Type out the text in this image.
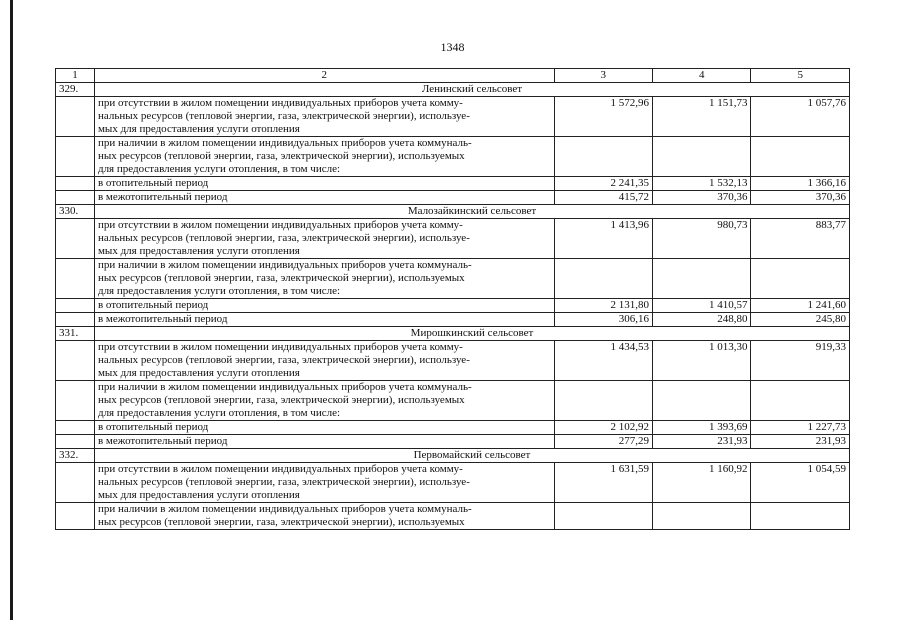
1348
1	2	3	4	5
329.	Ленинский сельсовет			
	при отсутствии в жилом помещении индивидуальных приборов учета комму-
нальных ресурсов (тепловой энергии, газа, электрической энергии), используе-
мых для предоставления услуги отопления	1 572,96	1 151,73	1 057,76
	при наличии в жилом помещении индивидуальных приборов учета коммуналь-
ных ресурсов (тепловой энергии, газа, электрической энергии), используемых
для предоставления услуги отопления, в том числе:			
	в отопительный период	2 241,35	1 532,13	1 366,16
	в межотопительный период	415,72	370,36	370,36
330.	Малозайкинский сельсовет			
	при отсутствии в жилом помещении индивидуальных приборов учета комму-
нальных ресурсов (тепловой энергии, газа, электрической энергии), используе-
мых для предоставления услуги отопления	1 413,96	980,73	883,77
	при наличии в жилом помещении индивидуальных приборов учета коммуналь-
ных ресурсов (тепловой энергии, газа, электрической энергии), используемых
для предоставления услуги отопления, в том числе:			
	в отопительный период	2 131,80	1 410,57	1 241,60
	в межотопительный период	306,16	248,80	245,80
331.	Мирошкинский сельсовет			
	при отсутствии в жилом помещении индивидуальных приборов учета комму-
нальных ресурсов (тепловой энергии, газа, электрической энергии), используе-
мых для предоставления услуги отопления	1 434,53	1 013,30	919,33
	при наличии в жилом помещении индивидуальных приборов учета коммуналь-
ных ресурсов (тепловой энергии, газа, электрической энергии), используемых
для предоставления услуги отопления, в том числе:			
	в отопительный период	2 102,92	1 393,69	1 227,73
	в межотопительный период	277,29	231,93	231,93
332.	Первомайский сельсовет			
	при отсутствии в жилом помещении индивидуальных приборов учета комму-
нальных ресурсов (тепловой энергии, газа, электрической энергии), используе-
мых для предоставления услуги отопления	1 631,59	1 160,92	1 054,59
	при наличии в жилом помещении индивидуальных приборов учета коммуналь-
ных ресурсов (тепловой энергии, газа, электрической энергии), используемых			
